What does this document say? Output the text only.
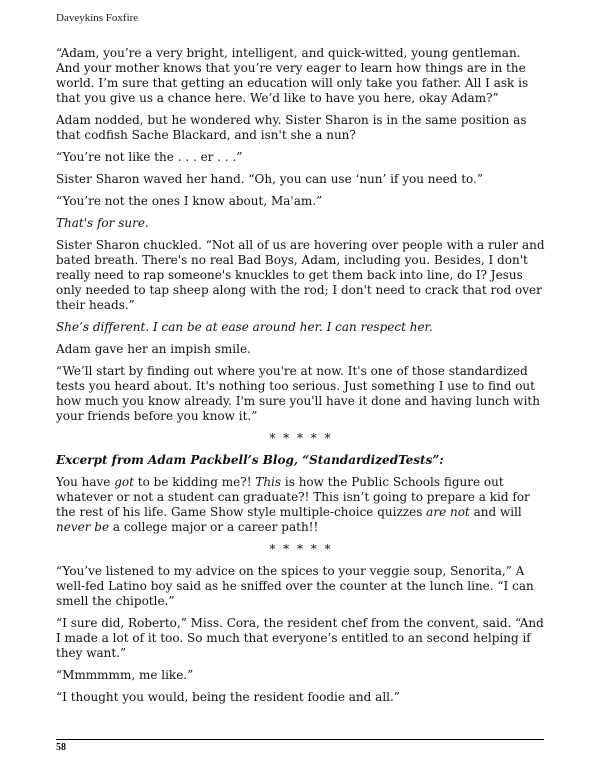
Daveykins Foxfire

“Adam, you’re a very bright, intelligent, and quick-witted, young gentleman. And your mother knows that you’re very eager to learn how things are in the world. I’m sure that getting an education will only take you father. All I ask is that you give us a chance here. We’d like to have you here, okay Adam?”

Adam nodded, but he wondered why. Sister Sharon is in the same position as that codfish Sache Blackard, and isn't she a nun?

“You’re not like the . . . er . . .”

Sister Sharon waved her hand. “Oh, you can use ‘nun’ if you need to.”

“You’re not the ones I know about, Ma'am.”

That's for sure.

Sister Sharon chuckled. “Not all of us are hovering over people with a ruler and bated breath. There's no real Bad Boys, Adam, including you. Besides, I don't really need to rap someone's knuckles to get them back into line, do I? Jesus only needed to tap sheep along with the rod; I don't need to crack that rod over their heads.”

She’s different. I can be at ease around her. I can respect her.

Adam gave her an impish smile.

“We’ll start by finding out where you're at now. It's one of those standardized tests you heard about. It's nothing too serious. Just something I use to find out how much you know already. I'm sure you'll have it done and having lunch with your friends before you know it.”

* * * * *

Excerpt from Adam Packbell’s Blog, “StandardizedTests”:

You have got to be kidding me?! This is how the Public Schools figure out whatever or not a student can graduate?! This isn’t going to prepare a kid for the rest of his life. Game Show style multiple-choice quizzes are not and will never be a college major or a career path!!

* * * * *

“You’ve listened to my advice on the spices to your veggie soup, Senorita,” A well-fed Latino boy said as he sniffed over the counter at the lunch line. “I can smell the chipotle.”

“I sure did, Roberto,” Miss. Cora, the resident chef from the convent, said. “And I made a lot of it too. So much that everyone’s entitled to an second helping if they want.”

“Mmmmmm, me like.”

“I thought you would, being the resident foodie and all.”

58
